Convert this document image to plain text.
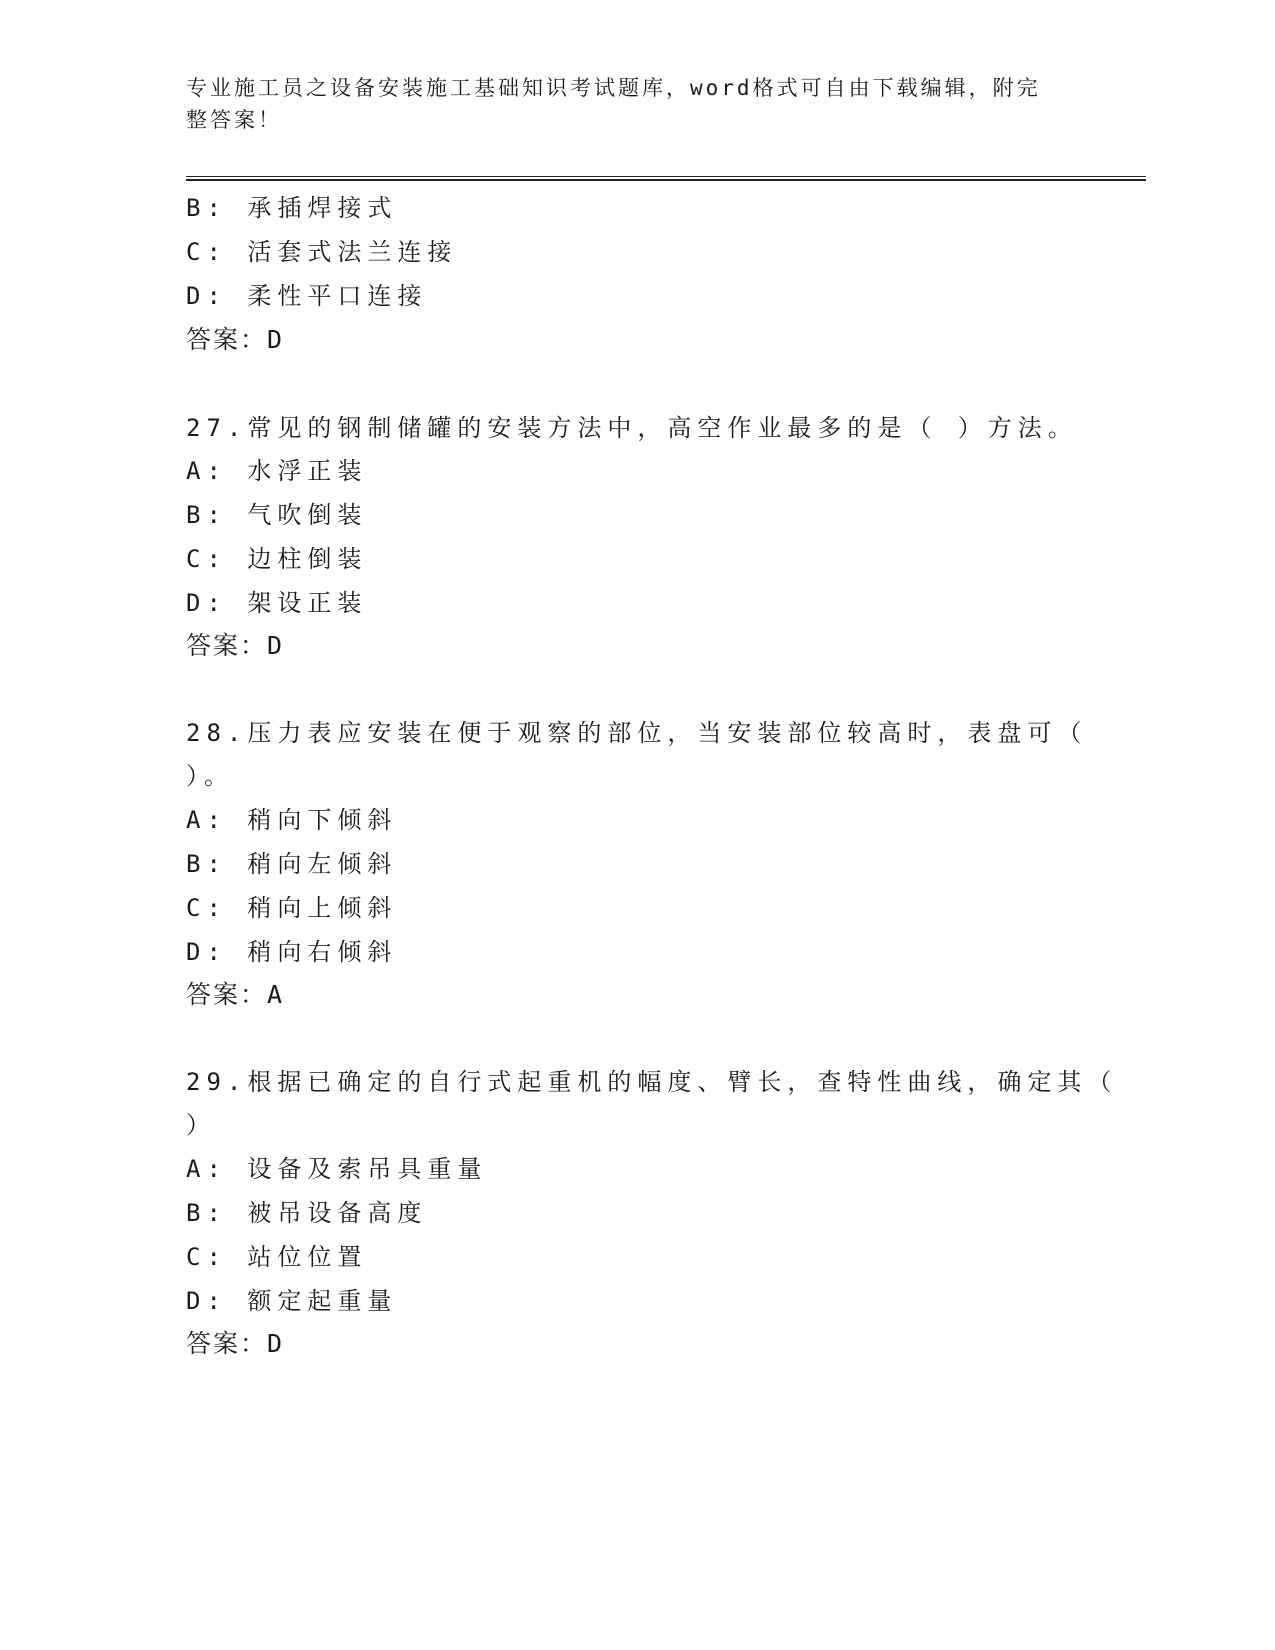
专业施工员之设备安装施工基础知识考试题库，word格式可自由下载编辑，附完
整答案！
B: 承插焊接式
C: 活套式法兰连接
D: 柔性平口连接
答案：D
27.常见的钢制储罐的安装方法中，高空作业最多的是（ ）方法。
A: 水浮正装
B: 气吹倒装
C: 边柱倒装
D: 架设正装
答案：D
28.压力表应安装在便于观察的部位，当安装部位较高时，表盘可（
）。
A: 稍向下倾斜
B: 稍向左倾斜
C: 稍向上倾斜
D: 稍向右倾斜
答案：A
29.根据已确定的自行式起重机的幅度、臂长，查特性曲线，确定其（
）
A: 设备及索吊具重量
B: 被吊设备高度
C: 站位位置
D: 额定起重量
答案：D
